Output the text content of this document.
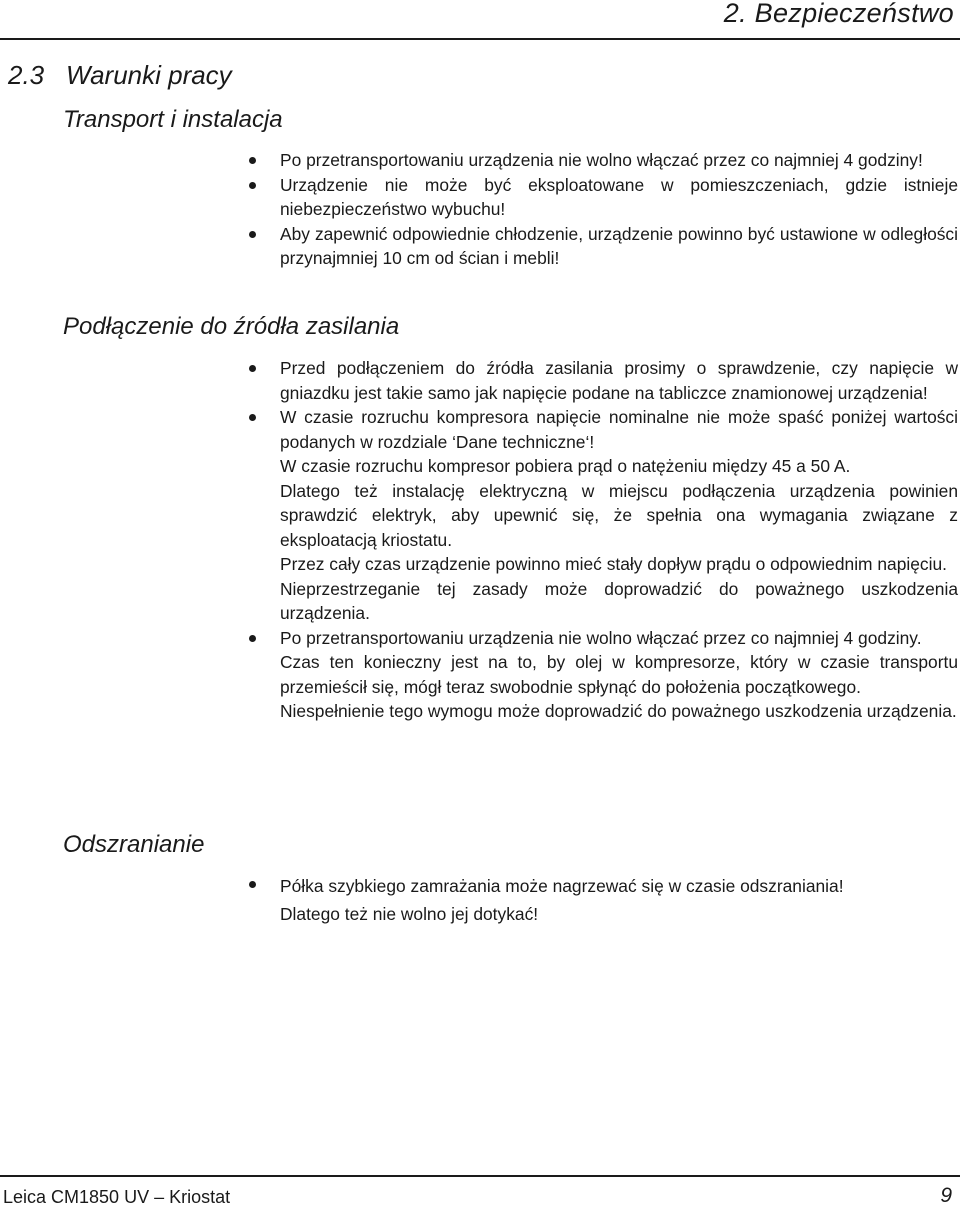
2. Bezpieczeństwo
2.3 Warunki pracy
Transport i instalacja

Po przetransportowaniu urządzenia nie wolno włączać przez co najmniej 4 godziny!

Urządzenie nie może być eksploatowane w pomieszczeniach, gdzie istnieje niebezpieczeństwo wybuchu!

Aby zapewnić odpowiednie chłodzenie, urządzenie powinno być ustawione w odległości przynajmniej 10 cm od ścian i mebli!

Podłączenie do źródła zasilania

Przed podłączeniem do źródła zasilania prosimy o sprawdzenie, czy napięcie w gniazdku jest takie samo jak napięcie podane na tabliczce znamionowej urządzenia!

W czasie rozruchu kompresora napięcie nominalne nie może spaść poniżej wartości podanych w rozdziale ‘Dane techniczne‘!

W czasie rozruchu kompresor pobiera prąd o natężeniu między 45 a 50 A.

Dlatego też instalację elektryczną w miejscu podłączenia urządzenia powinien sprawdzić elektryk, aby upewnić się, że spełnia ona wymagania związane z eksploatacją kriostatu.

Przez cały czas urządzenie powinno mieć stały dopływ prądu o odpowiednim napięciu.

Nieprzestrzeganie tej zasady może doprowadzić do poważnego uszkodzenia urządzenia.

Po przetransportowaniu urządzenia nie wolno włączać przez co najmniej 4 godziny.

Czas ten konieczny jest na to, by olej w kompresorze, który w czasie transportu przemieścił się, mógł teraz swobodnie spłynąć do położenia początkowego.

Niespełnienie tego wymogu może doprowadzić do poważnego uszkodzenia urządzenia.

Odszranianie

Półka szybkiego zamrażania może nagrzewać się w czasie odszraniania!

Dlatego też nie wolno jej dotykać!

Leica CM1850 UV – Kriostat	9
